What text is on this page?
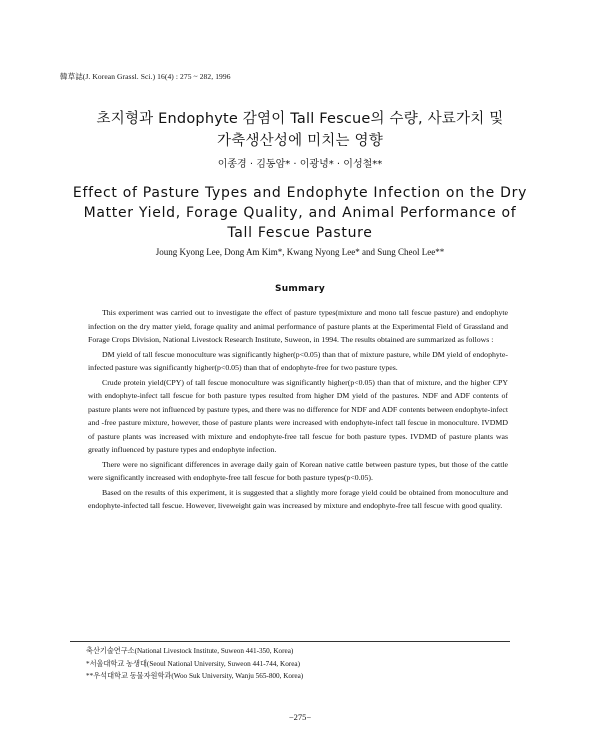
韓草誌(J. Korean Grassl. Sci.) 16(4) : 275 ~ 282, 1996
초지형과 Endophyte 감염이 Tall Fescue의 수량, 사료가치 및
가축생산성에 미치는 영향
이종경 · 김동암* · 이광녕* · 이성철**
Effect of Pasture Types and Endophyte Infection on the Dry
Matter Yield, Forage Quality, and Animal Performance of
Tall Fescue Pasture
Joung Kyong Lee, Dong Am Kim*, Kwang Nyong Lee* and Sung Cheol Lee**
Summary

This experiment was carried out to investigate the effect of pasture types(mixture and mono tall fescue pasture) and endophyte infection on the dry matter yield, forage quality and animal performance of pasture plants at the Experimental Field of Grassland and Forage Crops Division, National Livestock Research Institute, Suweon, in 1994. The results obtained are summarized as follows :

DM yield of tall fescue monoculture was significantly higher(p<0.05) than that of mixture pasture, while DM yield of endophyte-infected pasture was significantly higher(p<0.05) than that of endophyte-free for two pasture types.

Crude protein yield(CPY) of tall fescue monoculture was significantly higher(p<0.05) than that of mixture, and the higher CPY with endophyte-infect tall fescue for both pasture types resulted from higher DM yield of the pastures. NDF and ADF contents of pasture plants were not influenced by pasture types, and there was no difference for NDF and ADF contents between endophyte-infect and -free pasture mixture, however, those of pasture plants were increased with endophyte-infect tall fescue in monoculture. IVDMD of pasture plants was increased with mixture and endophyte-free tall fescue for both pasture types. IVDMD of pasture plants was greatly influenced by pasture types and endophyte infection.

There were no significant differences in average daily gain of Korean native cattle between pasture types, but those of the cattle were significantly increased with endophyte-free tall fescue for both pasture types(p<0.05).

Based on the results of this experiment, it is suggested that a slightly more forage yield could be obtained from monoculture and endophyte-infected tall fescue. However, liveweight gain was increased by mixture and endophyte-free tall fescue with good quality.

축산기술연구소(National Livestock Institute, Suweon 441-350, Korea)
*서울대학교 농생대(Seoul National University, Suweon 441-744, Korea)
**우석대학교 동물자원학과(Woo Suk University, Wanju 565-800, Korea)
−275−
